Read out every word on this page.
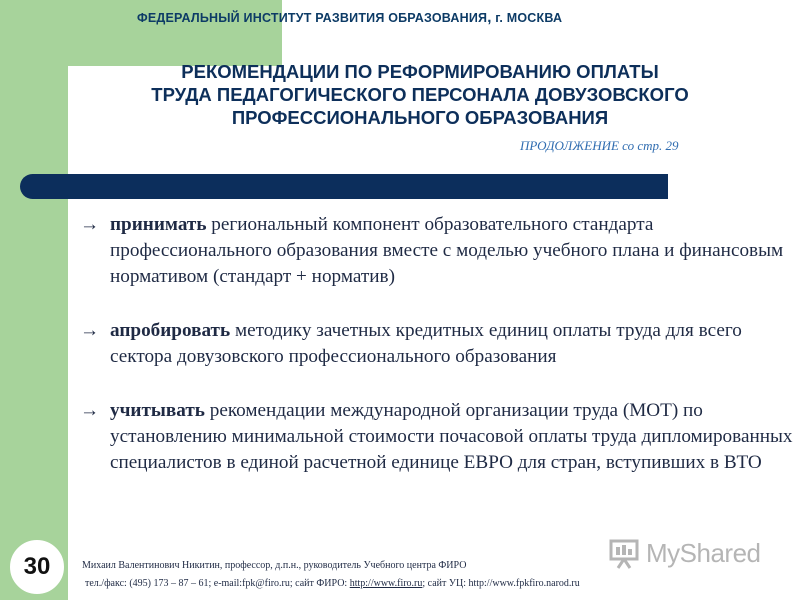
ФЕДЕРАЛЬНЫЙ ИНСТИТУТ РАЗВИТИЯ ОБРАЗОВАНИЯ, г. МОСКВА
РЕКОМЕНДАЦИИ ПО РЕФОРМИРОВАНИЮ ОПЛАТЫ
ТРУДА ПЕДАГОГИЧЕСКОГО ПЕРСОНАЛА ДОВУЗОВСКОГО
ПРОФЕССИОНАЛЬНОГО ОБРАЗОВАНИЯ
ПРОДОЛЖЕНИЕ со стр. 29
→ принимать региональный компонент образовательного стандарта профессионального образования вместе с моделью учебного плана и финансовым нормативом (стандарт + норматив)
→ апробировать методику зачетных кредитных единиц оплаты труда для всего сектора довузовского профессионального образования
→ учитывать рекомендации международной организации труда (МОТ) по установлению минимальной стоимости почасовой оплаты труда дипломированных специалистов в единой расчетной единице ЕВРО для стран, вступивших в ВТО
30	Михаил Валентинович Никитин, профессор, д.п.н., руководитель Учебного центра ФИРО
тел./факс: (495) 173 – 87 – 61; e-mail:fpk@firo.ru; сайт ФИРО: http://www.firo.ru; сайт УЦ: http://www.fpkfiro.narod.ru
MyShared
